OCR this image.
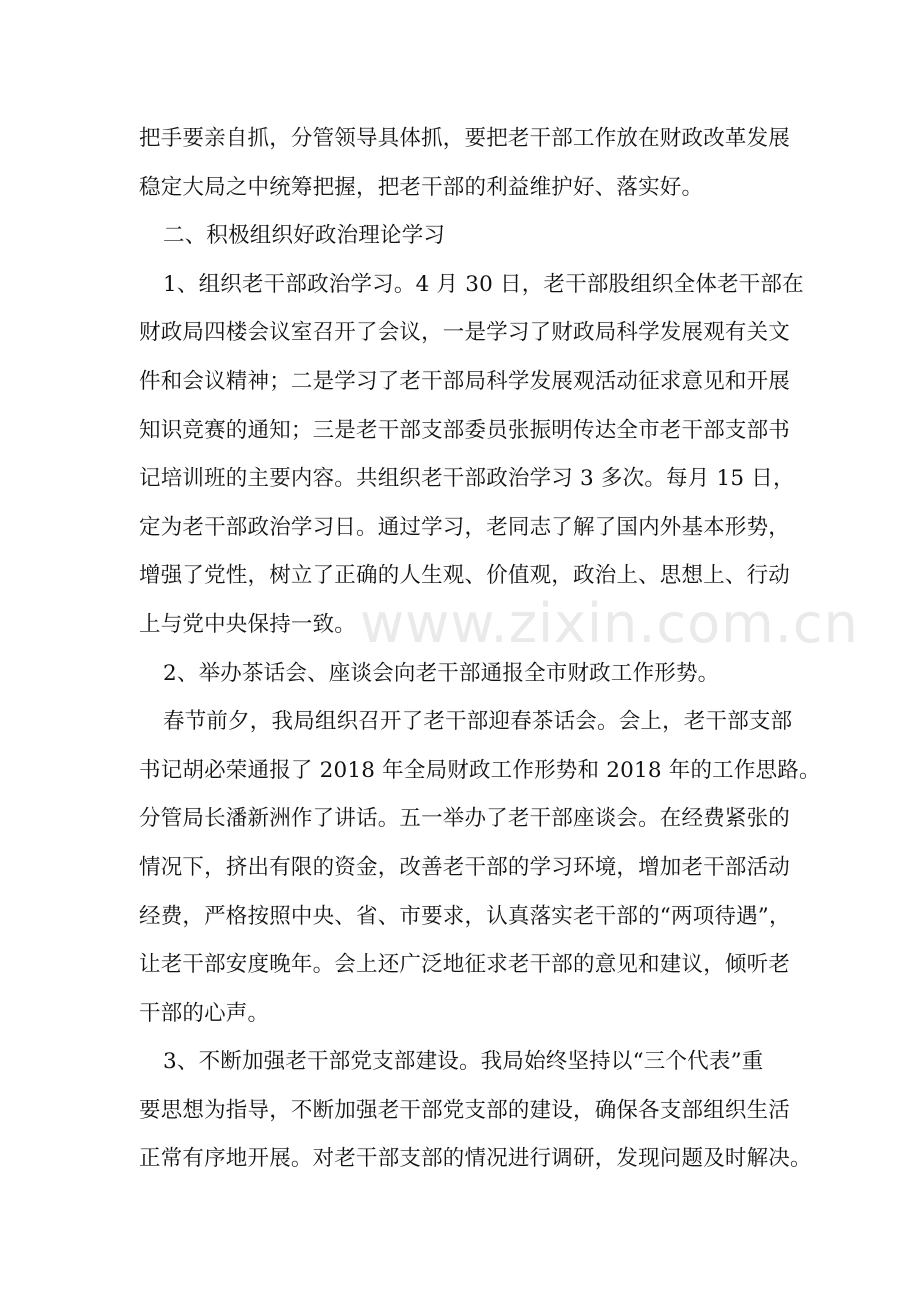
www.zixin.com.cn
把手要亲自抓，分管领导具体抓，要把老干部工作放在财政改革发展
稳定大局之中统筹把握，把老干部的利益维护好、落实好。
二、积极组织好政治理论学习
1、组织老干部政治学习。4 月 30 日，老干部股组织全体老干部在
财政局四楼会议室召开了会议，一是学习了财政局科学发展观有关文
件和会议精神；二是学习了老干部局科学发展观活动征求意见和开展
知识竞赛的通知；三是老干部支部委员张振明传达全市老干部支部书
记培训班的主要内容。共组织老干部政治学习 3 多次。每月 15 日，
定为老干部政治学习日。通过学习，老同志了解了国内外基本形势，
增强了党性，树立了正确的人生观、价值观，政治上、思想上、行动
上与党中央保持一致。
2、举办茶话会、座谈会向老干部通报全市财政工作形势。
春节前夕，我局组织召开了老干部迎春茶话会。会上，老干部支部
书记胡必荣通报了 2018 年全局财政工作形势和 2018 年的工作思路。
分管局长潘新洲作了讲话。五一举办了老干部座谈会。在经费紧张的
情况下，挤出有限的资金，改善老干部的学习环境，增加老干部活动
经费，严格按照中央、省、市要求，认真落实老干部的“两项待遇”，
让老干部安度晚年。会上还广泛地征求老干部的意见和建议，倾听老
干部的心声。
3、不断加强老干部党支部建设。我局始终坚持以“三个代表”重
要思想为指导，不断加强老干部党支部的建设，确保各支部组织生活
正常有序地开展。对老干部支部的情况进行调研，发现问题及时解决。
